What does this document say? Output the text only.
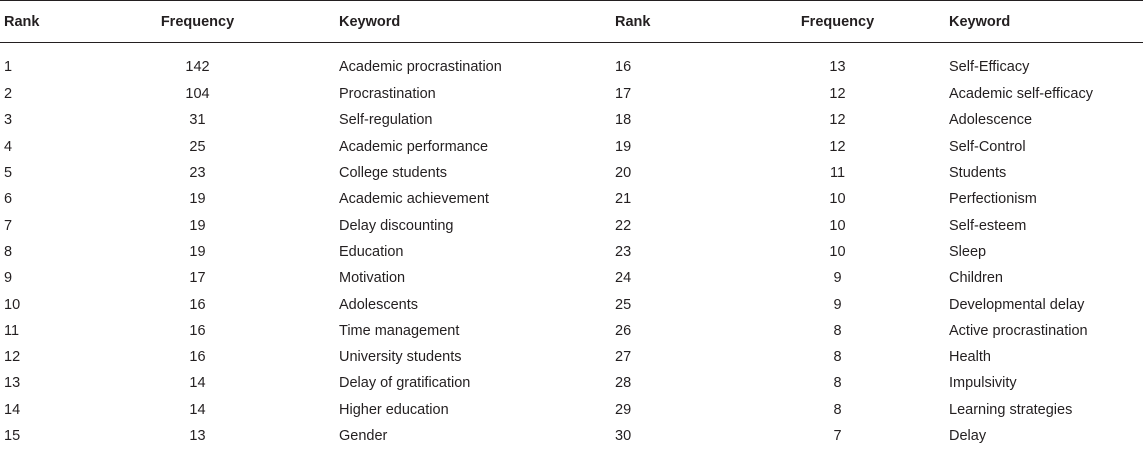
Rank	Frequency	Keyword	Rank	Frequency	Keyword
1	142	Academic procrastination	16	13	Self-Efficacy
2	104	Procrastination	17	12	Academic self-efficacy
3	31	Self-regulation	18	12	Adolescence
4	25	Academic performance	19	12	Self-Control
5	23	College students	20	11	Students
6	19	Academic achievement	21	10	Perfectionism
7	19	Delay discounting	22	10	Self-esteem
8	19	Education	23	10	Sleep
9	17	Motivation	24	9	Children
10	16	Adolescents	25	9	Developmental delay
11	16	Time management	26	8	Active procrastination
12	16	University students	27	8	Health
13	14	Delay of gratification	28	8	Impulsivity
14	14	Higher education	29	8	Learning strategies
15	13	Gender	30	7	Delay
